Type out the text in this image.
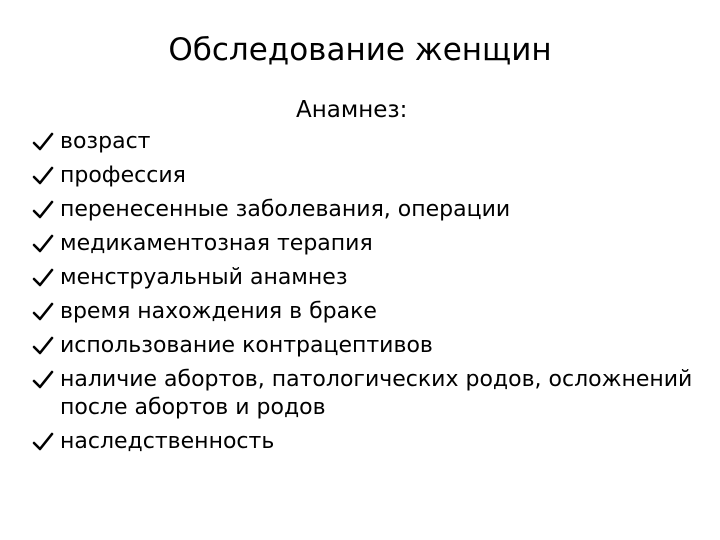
Обследование женщин
Анамнез:
возраст
профессия
перенесенные заболевания, операции
медикаментозная терапия
менструальный анамнез
время нахождения в браке
использование контрацептивов
наличие абортов, патологических родов, осложнений после абортов и родов
наследственность
